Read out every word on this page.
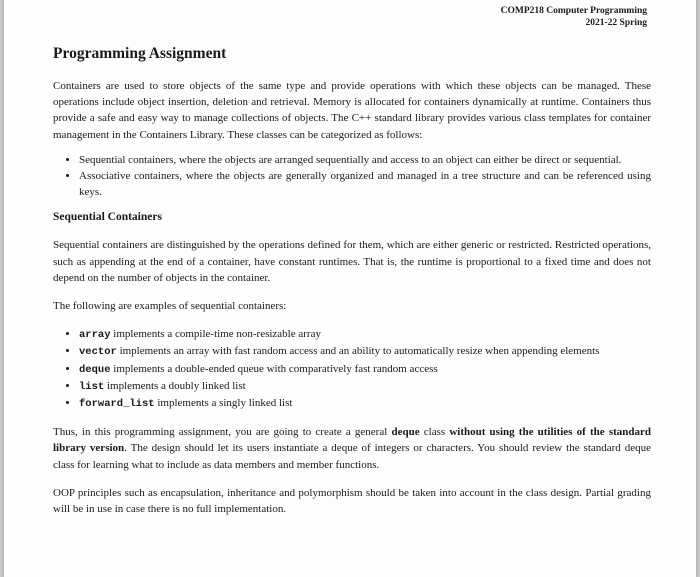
COMP218 Computer Programming
2021-22 Spring
Programming Assignment

Containers are used to store objects of the same type and provide operations with which these objects can be managed. These operations include object insertion, deletion and retrieval. Memory is allocated for containers dynamically at runtime. Containers thus provide a safe and easy way to manage collections of objects. The C++ standard library provides various class templates for container management in the Containers Library. These classes can be categorized as follows:

• Sequential containers, where the objects are arranged sequentially and access to an object can either be direct or sequential.
• Associative containers, where the objects are generally organized and managed in a tree structure and can be referenced using keys.
Sequential Containers

Sequential containers are distinguished by the operations defined for them, which are either generic or restricted. Restricted operations, such as appending at the end of a container, have constant runtimes. That is, the runtime is proportional to a fixed time and does not depend on the number of objects in the container.

The following are examples of sequential containers:

• array implements a compile-time non-resizable array
• vector implements an array with fast random access and an ability to automatically resize when appending elements
• deque implements a double-ended queue with comparatively fast random access
• list implements a doubly linked list
• forward_list implements a singly linked list

Thus, in this programming assignment, you are going to create a general deque class without using the utilities of the standard library version. The design should let its users instantiate a deque of integers or characters. You should review the standard deque class for learning what to include as data members and member functions.

OOP principles such as encapsulation, inheritance and polymorphism should be taken into account in the class design. Partial grading will be in use in case there is no full implementation.
